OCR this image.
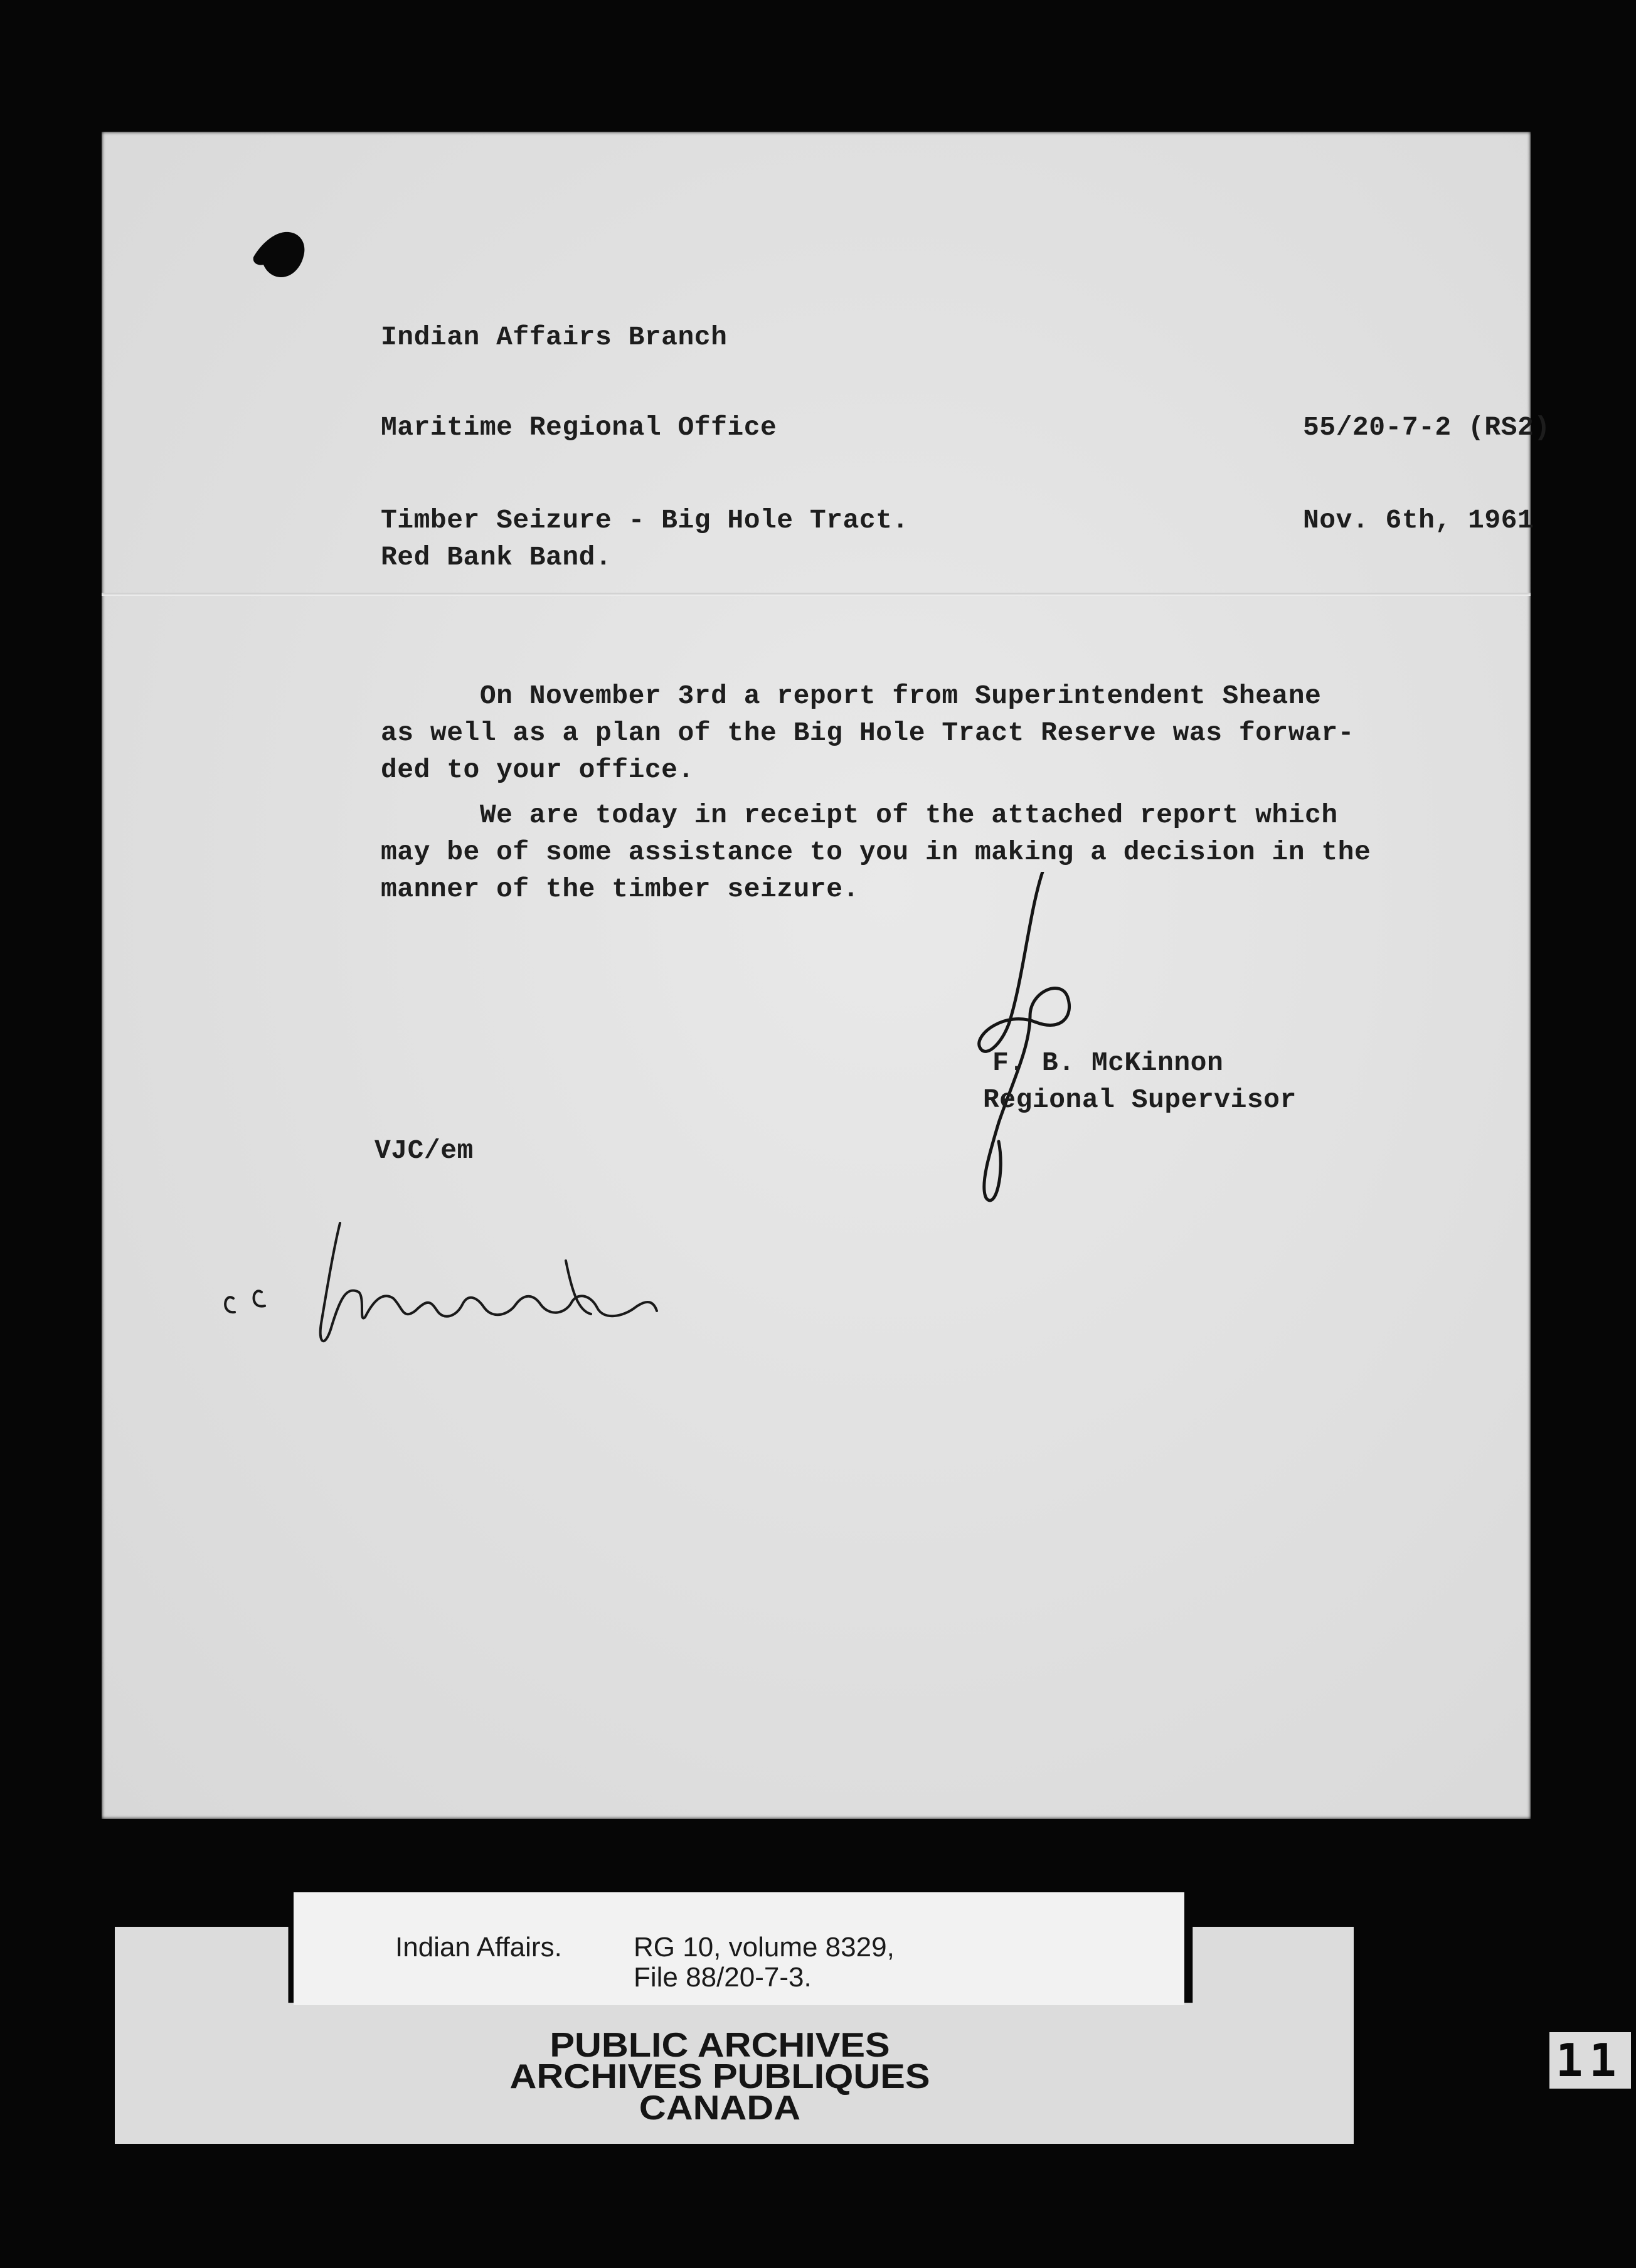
Indian Affairs Branch
Maritime Regional Office	55/20-7-2 (RS2)
Timber Seizure - Big Hole Tract.
Red Bank Band.
Nov. 6th, 1961
On November 3rd a report from Superintendent Sheane
as well as a plan of the Big Hole Tract Reserve was forwar-
ded to your office.
We are today in receipt of the attached report which
may be of some assistance to you in making a decision in the
manner of the timber seizure.
F. B. McKinnon
Regional Supervisor
VJC/em
c c Mcinnis
Indian Affairs.	RG 10, volume 8329,
File 88/20-7-3.
PUBLIC ARCHIVES
ARCHIVES PUBLIQUES
CANADA
11
